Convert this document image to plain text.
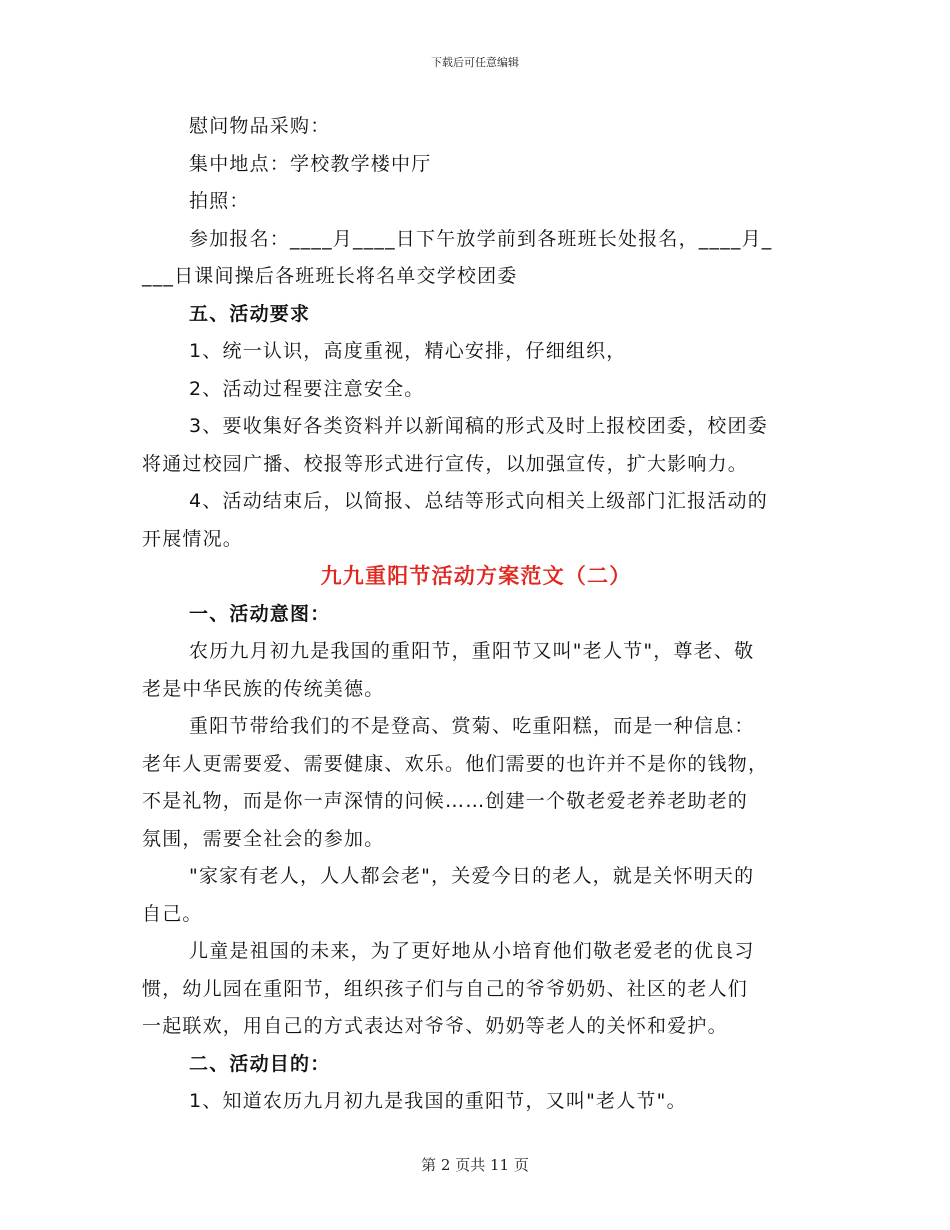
下载后可任意编辑
慰问物品采购：
集中地点：学校教学楼中厅
拍照：
参加报名：____月____日下午放学前到各班班长处报名，____月_
___日课间操后各班班长将名单交学校团委
五、活动要求
1、统一认识，高度重视，精心安排，仔细组织，
2、活动过程要注意安全。
3、要收集好各类资料并以新闻稿的形式及时上报校团委，校团委
将通过校园广播、校报等形式进行宣传，以加强宣传，扩大影响力。
4、活动结束后，以简报、总结等形式向相关上级部门汇报活动的
开展情况。
九九重阳节活动方案范文（二）
一、活动意图：
农历九月初九是我国的重阳节，重阳节又叫"老人节"，尊老、敬
老是中华民族的传统美德。
重阳节带给我们的不是登高、赏菊、吃重阳糕，而是一种信息：
老年人更需要爱、需要健康、欢乐。他们需要的也许并不是你的钱物，
不是礼物，而是你一声深情的问候……创建一个敬老爱老养老助老的
氛围，需要全社会的参加。
"家家有老人，人人都会老"，关爱今日的老人，就是关怀明天的
自己。
儿童是祖国的未来，为了更好地从小培育他们敬老爱老的优良习
惯，幼儿园在重阳节，组织孩子们与自己的爷爷奶奶、社区的老人们
一起联欢，用自己的方式表达对爷爷、奶奶等老人的关怀和爱护。
二、活动目的：
1、知道农历九月初九是我国的重阳节，又叫"老人节"。
第 2 页共 11 页
